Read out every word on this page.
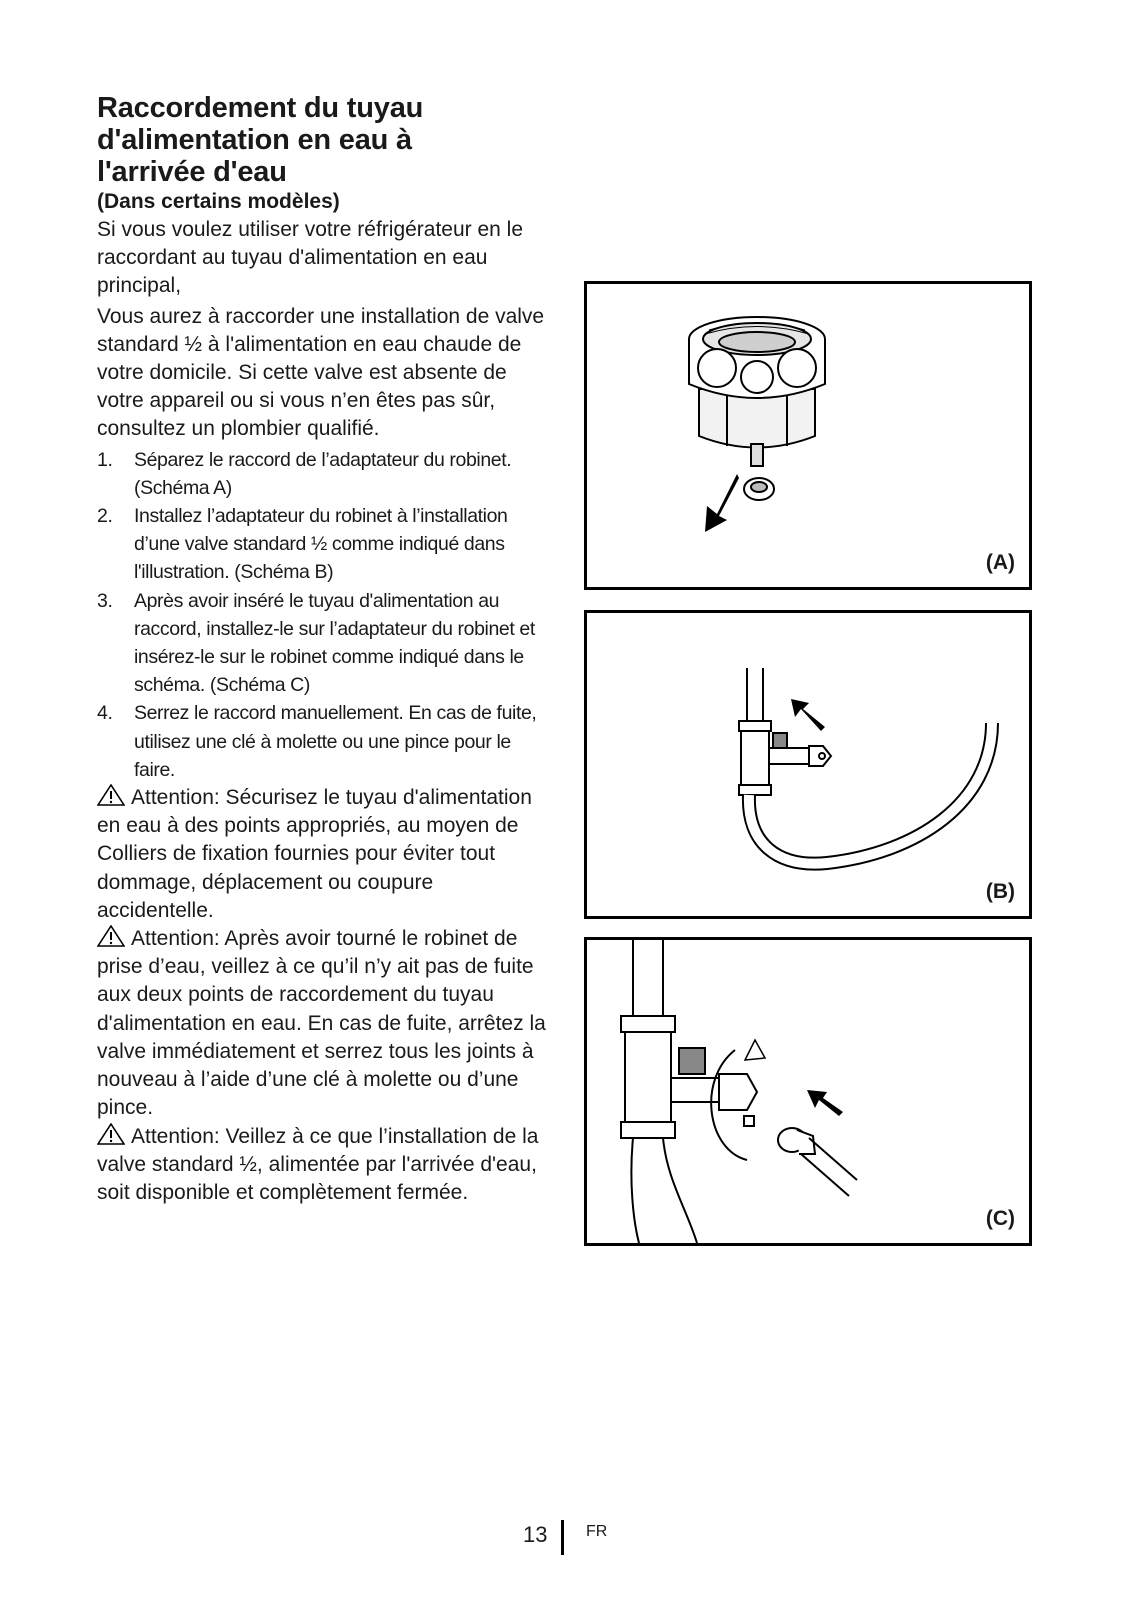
Raccordement du tuyau
d'alimentation en eau à
l'arrivée d'eau
(Dans certains modèles)

Si vous voulez utiliser votre réfrigérateur en le raccordant au tuyau d'alimentation en eau principal,

Vous aurez à raccorder une installation de valve standard ½ à l'alimentation en eau chaude de votre domicile. Si cette valve est absente de votre appareil ou si vous n’en êtes pas sûr, consultez un plombier qualifié.

1. Séparez le raccord de l’adaptateur du robinet. (Schéma A)
2. Installez l’adaptateur du robinet à l’installation d’une valve standard ½ comme indiqué dans l'illustration. (Schéma B)
3. Après avoir inséré le tuyau d'alimentation au raccord, installez-le sur l’adaptateur du robinet et insérez-le sur le robinet comme indiqué dans le schéma. (Schéma C)
4. Serrez le raccord manuellement. En cas de fuite, utilisez une clé à molette ou une pince pour le faire.

Attention: Sécurisez le tuyau d'alimentation en eau à des points appropriés, au moyen de Colliers de fixation fournies pour éviter tout dommage, déplacement ou coupure accidentelle.

Attention: Après avoir tourné le robinet de prise d’eau, veillez à ce qu’il n’y ait pas de fuite aux deux points de raccordement du tuyau d'alimentation en eau. En cas de fuite, arrêtez la valve immédiatement et serrez tous les joints à nouveau à l’aide d’une clé à molette ou d’une pince.

Attention: Veillez à ce que l’installation de la valve standard ½, alimentée par l'arrivée d'eau, soit disponible et complètement fermée.

(A)
(B)
(C)
13 FR
